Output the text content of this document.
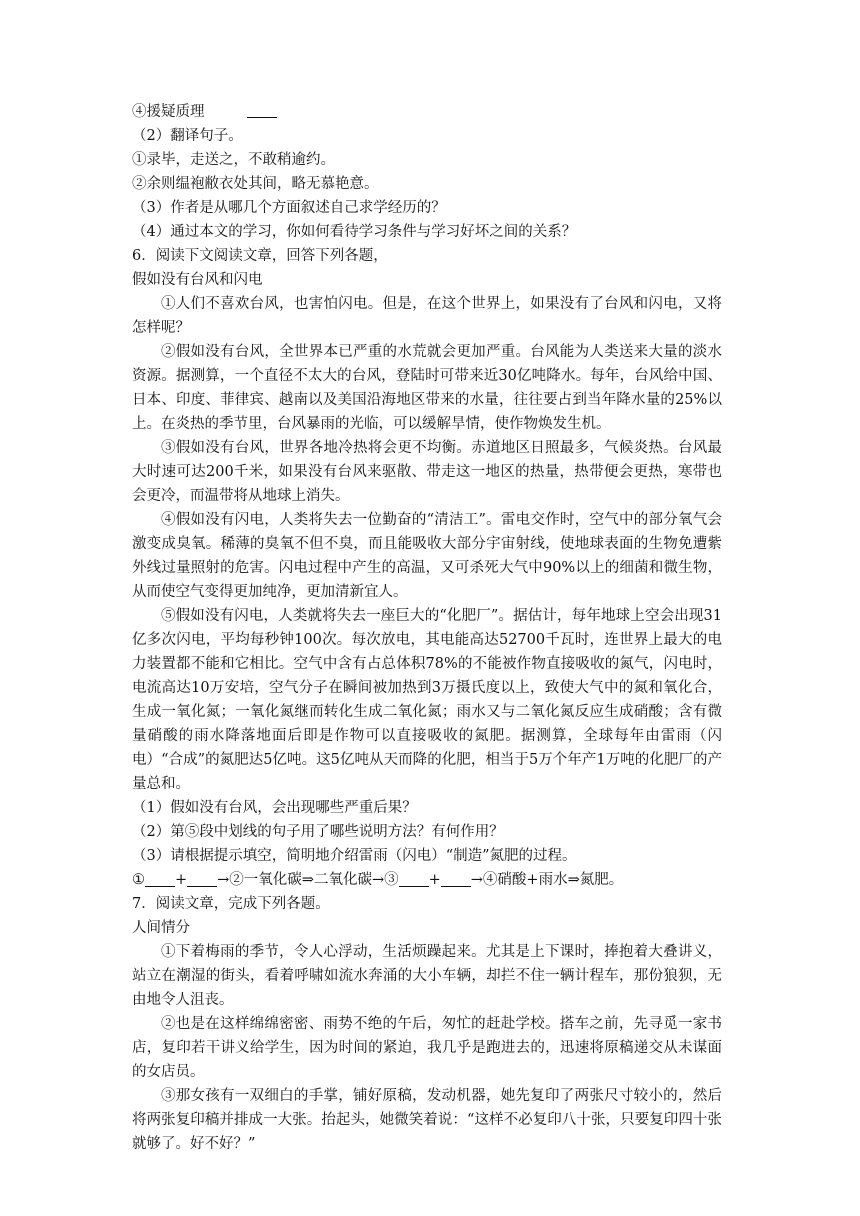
④援疑质理
（2）翻译句子。
①录毕，走送之，不敢稍逾约。
②余则缊袍敝衣处其间，略无慕艳意。
（3）作者是从哪几个方面叙述自己求学经历的？
（4）通过本文的学习，你如何看待学习条件与学习好坏之间的关系？
6．阅读下文阅读文章，回答下列各题，
假如没有台风和闪电

①人们不喜欢台风，也害怕闪电。但是，在这个世界上，如果没有了台风和闪电，又将怎样呢？

②假如没有台风，全世界本已严重的水荒就会更加严重。台风能为人类送来大量的淡水资源。据测算，一个直径不太大的台风，登陆时可带来近30亿吨降水。每年，台风给中国、日本、印度、菲律宾、越南以及美国沿海地区带来的水量，往往要占到当年降水量的25%以上。在炎热的季节里，台风暴雨的光临，可以缓解旱情，使作物焕发生机。

③假如没有台风，世界各地冷热将会更不均衡。赤道地区日照最多，气候炎热。台风最大时速可达200千米，如果没有台风来驱散、带走这一地区的热量，热带便会更热，寒带也会更冷，而温带将从地球上消失。

④假如没有闪电，人类将失去一位勤奋的“清洁工”。雷电交作时，空气中的部分氧气会激变成臭氧。稀薄的臭氧不但不臭，而且能吸收大部分宇宙射线，使地球表面的生物免遭紫外线过量照射的危害。闪电过程中产生的高温，又可杀死大气中90%以上的细菌和微生物，从而使空气变得更加纯净，更加清新宜人。

⑤假如没有闪电，人类就将失去一座巨大的“化肥厂”。据估计，每年地球上空会出现31亿多次闪电，平均每秒钟100次。每次放电，其电能高达52700千瓦时，连世界上最大的电力装置都不能和它相比。空气中含有占总体积78%的不能被作物直接吸收的氮气，闪电时，电流高达10万安培，空气分子在瞬间被加热到3万摄氏度以上，致使大气中的氮和氧化合，生成一氧化氮；一氧化氮继而转化生成二氧化氮；雨水又与二氧化氮反应生成硝酸；含有微量硝酸的雨水降落地面后即是作物可以直接吸收的氮肥。据测算，全球每年由雷雨（闪电）“合成”的氮肥达5亿吨。这5亿吨从天而降的化肥，相当于5万个年产1万吨的化肥厂的产量总和。

（1）假如没有台风，会出现哪些严重后果？
（2）第⑤段中划线的句子用了哪些说明方法？有何作用？
（3）请根据提示填空，简明地介绍雷雨（闪电）“制造”氮肥的过程。
① + →②一氧化碳⇒二氧化碳→③ + →④硝酸+雨水⇒氮肥。
7．阅读文章，完成下列各题。
人间情分

①下着梅雨的季节，令人心浮动，生活烦躁起来。尤其是上下课时，捧抱着大叠讲义，站立在潮湿的街头，看着呼啸如流水奔涌的大小车辆，却拦不住一辆计程车，那份狼狈，无由地令人沮丧。

②也是在这样绵绵密密、雨势不绝的午后，匆忙的赶赴学校。搭车之前，先寻觅一家书店，复印若干讲义给学生，因为时间的紧迫，我几乎是跑进去的，迅速将原稿递交从未谋面的女店员。

③那女孩有一双细白的手掌，铺好原稿，发动机器，她先复印了两张尺寸较小的，然后将两张复印稿并排成一大张。抬起头，她微笑着说：“这样不必复印八十张，只要复印四十张就够了。好不好？”
